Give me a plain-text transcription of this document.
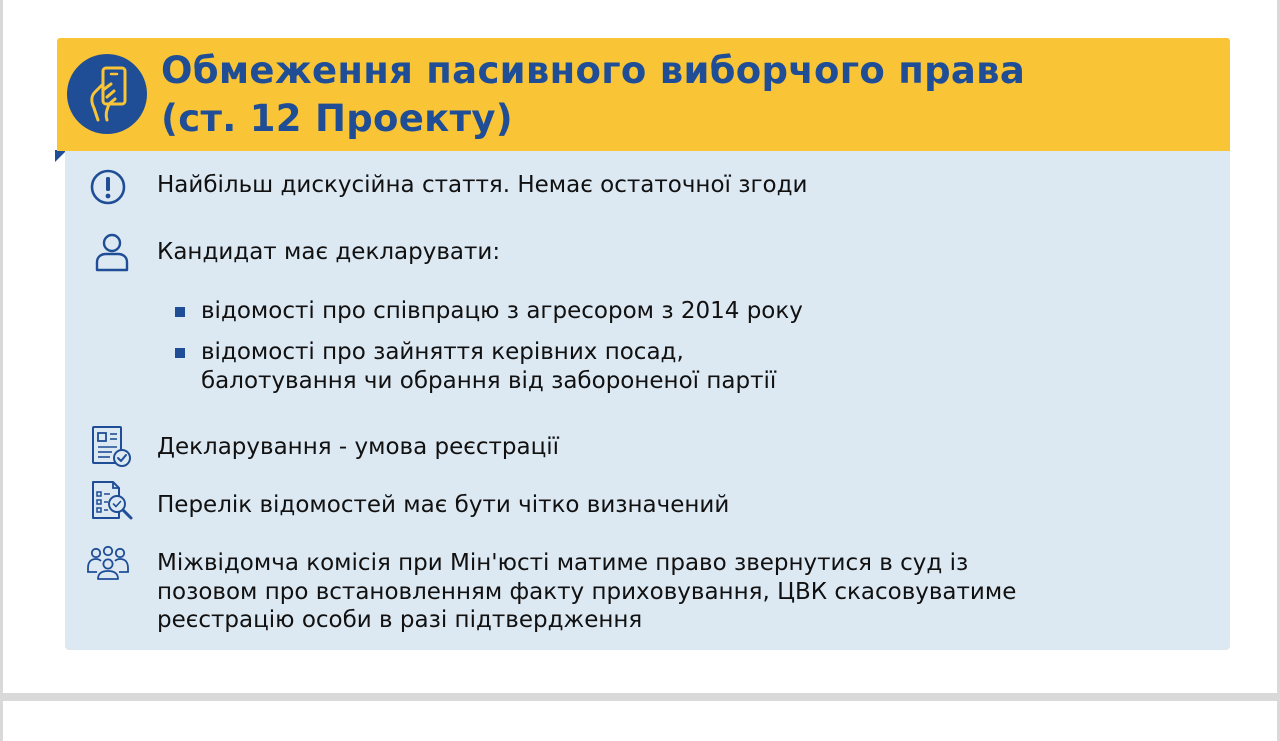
Обмеження пасивного виборчого права
(ст. 12 Проекту)

Найбільш дискусійна стаття. Немає остаточної згоди

Кандидат має декларувати:

відомості про співпрацю з агресором з 2014 року

відомості про зайняття керівних посад,

балотування чи обрання від забороненої партії

Декларування - умова реєстрації

Перелік відомостей має бути чітко визначений

Міжвідомча комісія при Мін'юсті матиме право звернутися в суд із

позовом про встановленням факту приховування, ЦВК скасовуватиме

реєстрацію особи в разі підтвердження
